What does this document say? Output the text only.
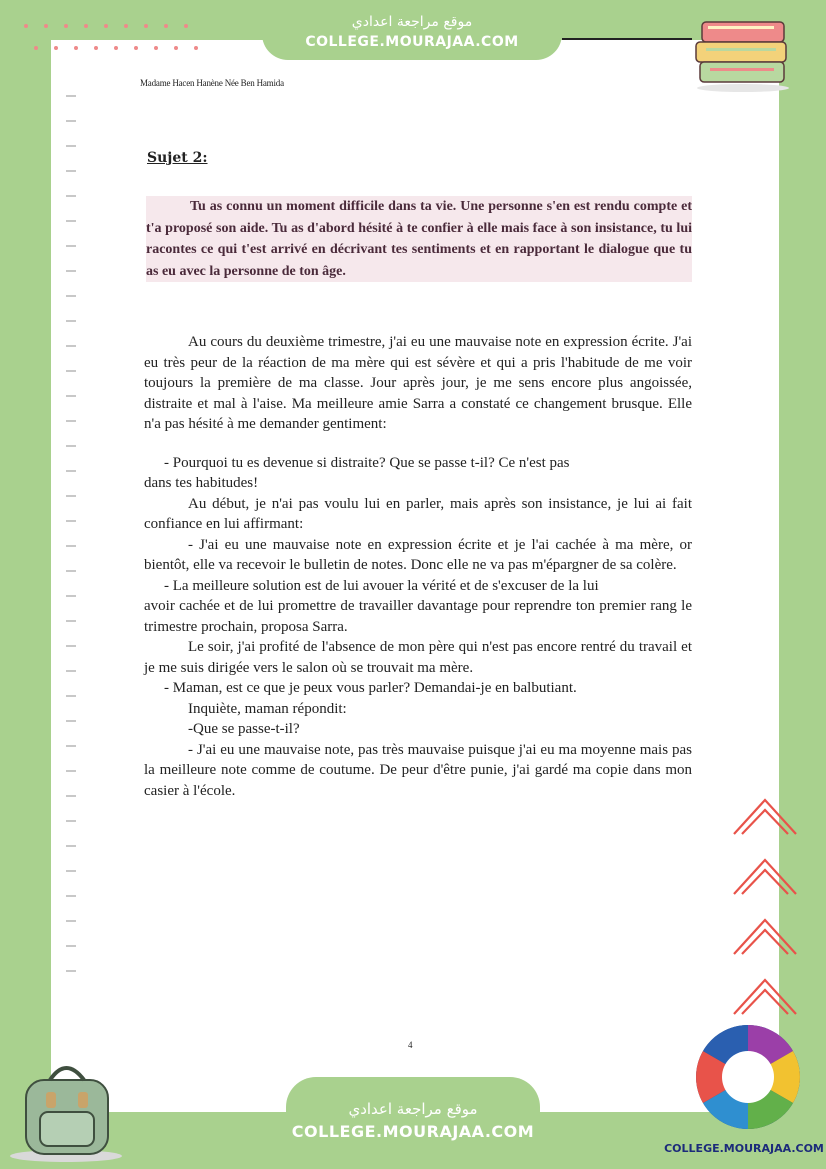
موقع مراجعة اعدادي
COLLEGE.MOURAJAA.COM
Madame Hacen Hanène Née Ben Hamida
Sujet 2:
Tu as connu un moment difficile dans ta vie. Une personne s'en est rendu compte et t'a proposé son aide. Tu as d'abord hésité à te confier à elle mais face à son insistance, tu lui racontes ce qui t'est arrivé en décrivant tes sentiments et en rapportant le dialogue que tu as eu avec la personne de ton âge.

Au cours du deuxième trimestre, j'ai eu une mauvaise note en expression écrite. J'ai eu très peur de la réaction de ma mère qui est sévère et qui a pris l'habitude de me voir toujours la première de ma classe. Jour après jour, je me sens encore plus angoissée, distraite et mal à l'aise. Ma meilleure amie Sarra a constaté ce changement brusque. Elle n'a pas hésité à me demander gentiment:

- Pourquoi tu es devenue si distraite? Que se passe t-il? Ce n'est pas

dans tes habitudes!

Au début, je n'ai pas voulu lui en parler, mais après son insistance, je lui ai fait confiance en lui affirmant:

- J'ai eu une mauvaise note en expression écrite et je l'ai cachée à ma mère, or bientôt, elle va recevoir le bulletin de notes. Donc elle ne va pas m'épargner de sa colère.

- La meilleure solution est de lui avouer la vérité et de s'excuser de la lui

avoir cachée et de lui promettre de travailler davantage pour reprendre ton premier rang le trimestre prochain, proposa Sarra.

Le soir, j'ai profité de l'absence de mon père qui n'est pas encore rentré du travail et je me suis dirigée vers le salon où se trouvait ma mère.

- Maman, est ce que je peux vous parler? Demandai-je en balbutiant.

Inquiète, maman répondit:

-Que se passe-t-il?

- J'ai eu une mauvaise note, pas très mauvaise puisque j'ai eu ma moyenne mais pas la meilleure note comme de coutume. De peur d'être punie, j'ai gardé ma copie dans mon casier à l'école.

4
COLLEGE.MOURAJAA.COM
موقع مراجعة اعدادي
COLLEGE.MOURAJAA.COM
